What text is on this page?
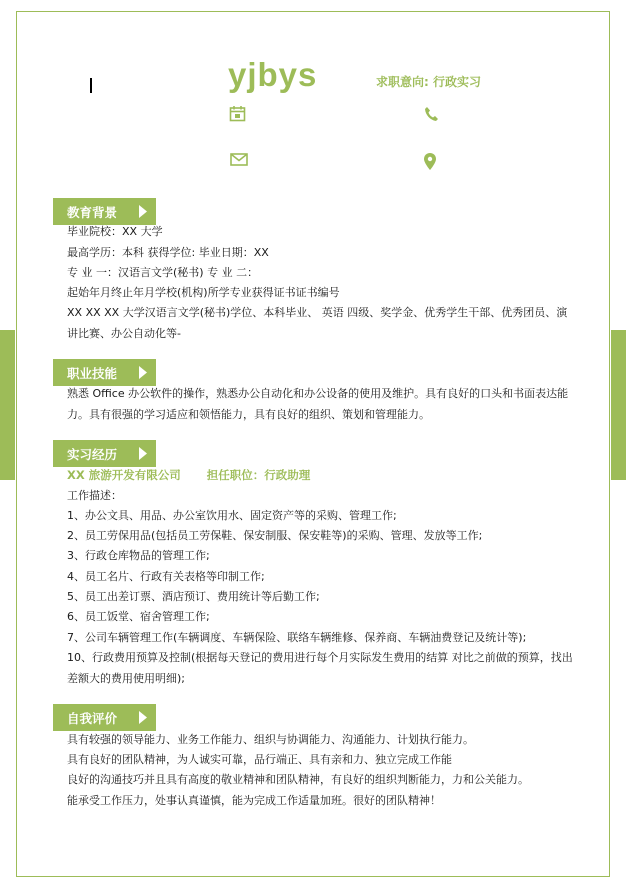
yjbys	求职意向: 行政实习
教育背景
毕业院校：XX 大学
最高学历：本科 获得学位: 毕业日期：XX
专 业 一：汉语言文学(秘书) 专 业 二：
起始年月终止年月学校(机构)所学专业获得证书证书编号
XX XX XX 大学汉语言文学(秘书)学位、本科毕业、 英语 四级、奖学金、优秀学生干部、优秀团员、演讲比赛、办公自动化等-
职业技能
熟悉 Office 办公软件的操作，熟悉办公自动化和办公设备的使用及维护。具有良好的口头和书面表达能力。具有很强的学习适应和领悟能力，具有良好的组织、策划和管理能力。
实习经历
XX 旅游开发有限公司 担任职位：行政助理
工作描述：
1、办公文具、用品、办公室饮用水、固定资产等的采购、管理工作;
2、员工劳保用品(包括员工劳保鞋、保安制服、保安鞋等)的采购、管理、发放等工作;
3、行政仓库物品的管理工作;
4、员工名片、行政有关表格等印制工作;
5、员工出差订票、酒店预订、费用统计等后勤工作;
6、员工饭堂、宿舍管理工作;
7、公司车辆管理工作(车辆调度、车辆保险、联络车辆维修、保养商、车辆油费登记及统计等);
10、行政费用预算及控制(根据每天登记的费用进行每个月实际发生费用的结算 对比之前做的预算，找出差额大的费用使用明细);
自我评价
具有较强的领导能力、业务工作能力、组织与协调能力、沟通能力、计划执行能力。
具有良好的团队精神，为人诚实可靠，品行端正、具有亲和力、独立完成工作能
良好的沟通技巧并且具有高度的敬业精神和团队精神，有良好的组织判断能力，力和公关能力。
能承受工作压力，处事认真谨慎，能为完成工作适量加班。很好的团队精神！
